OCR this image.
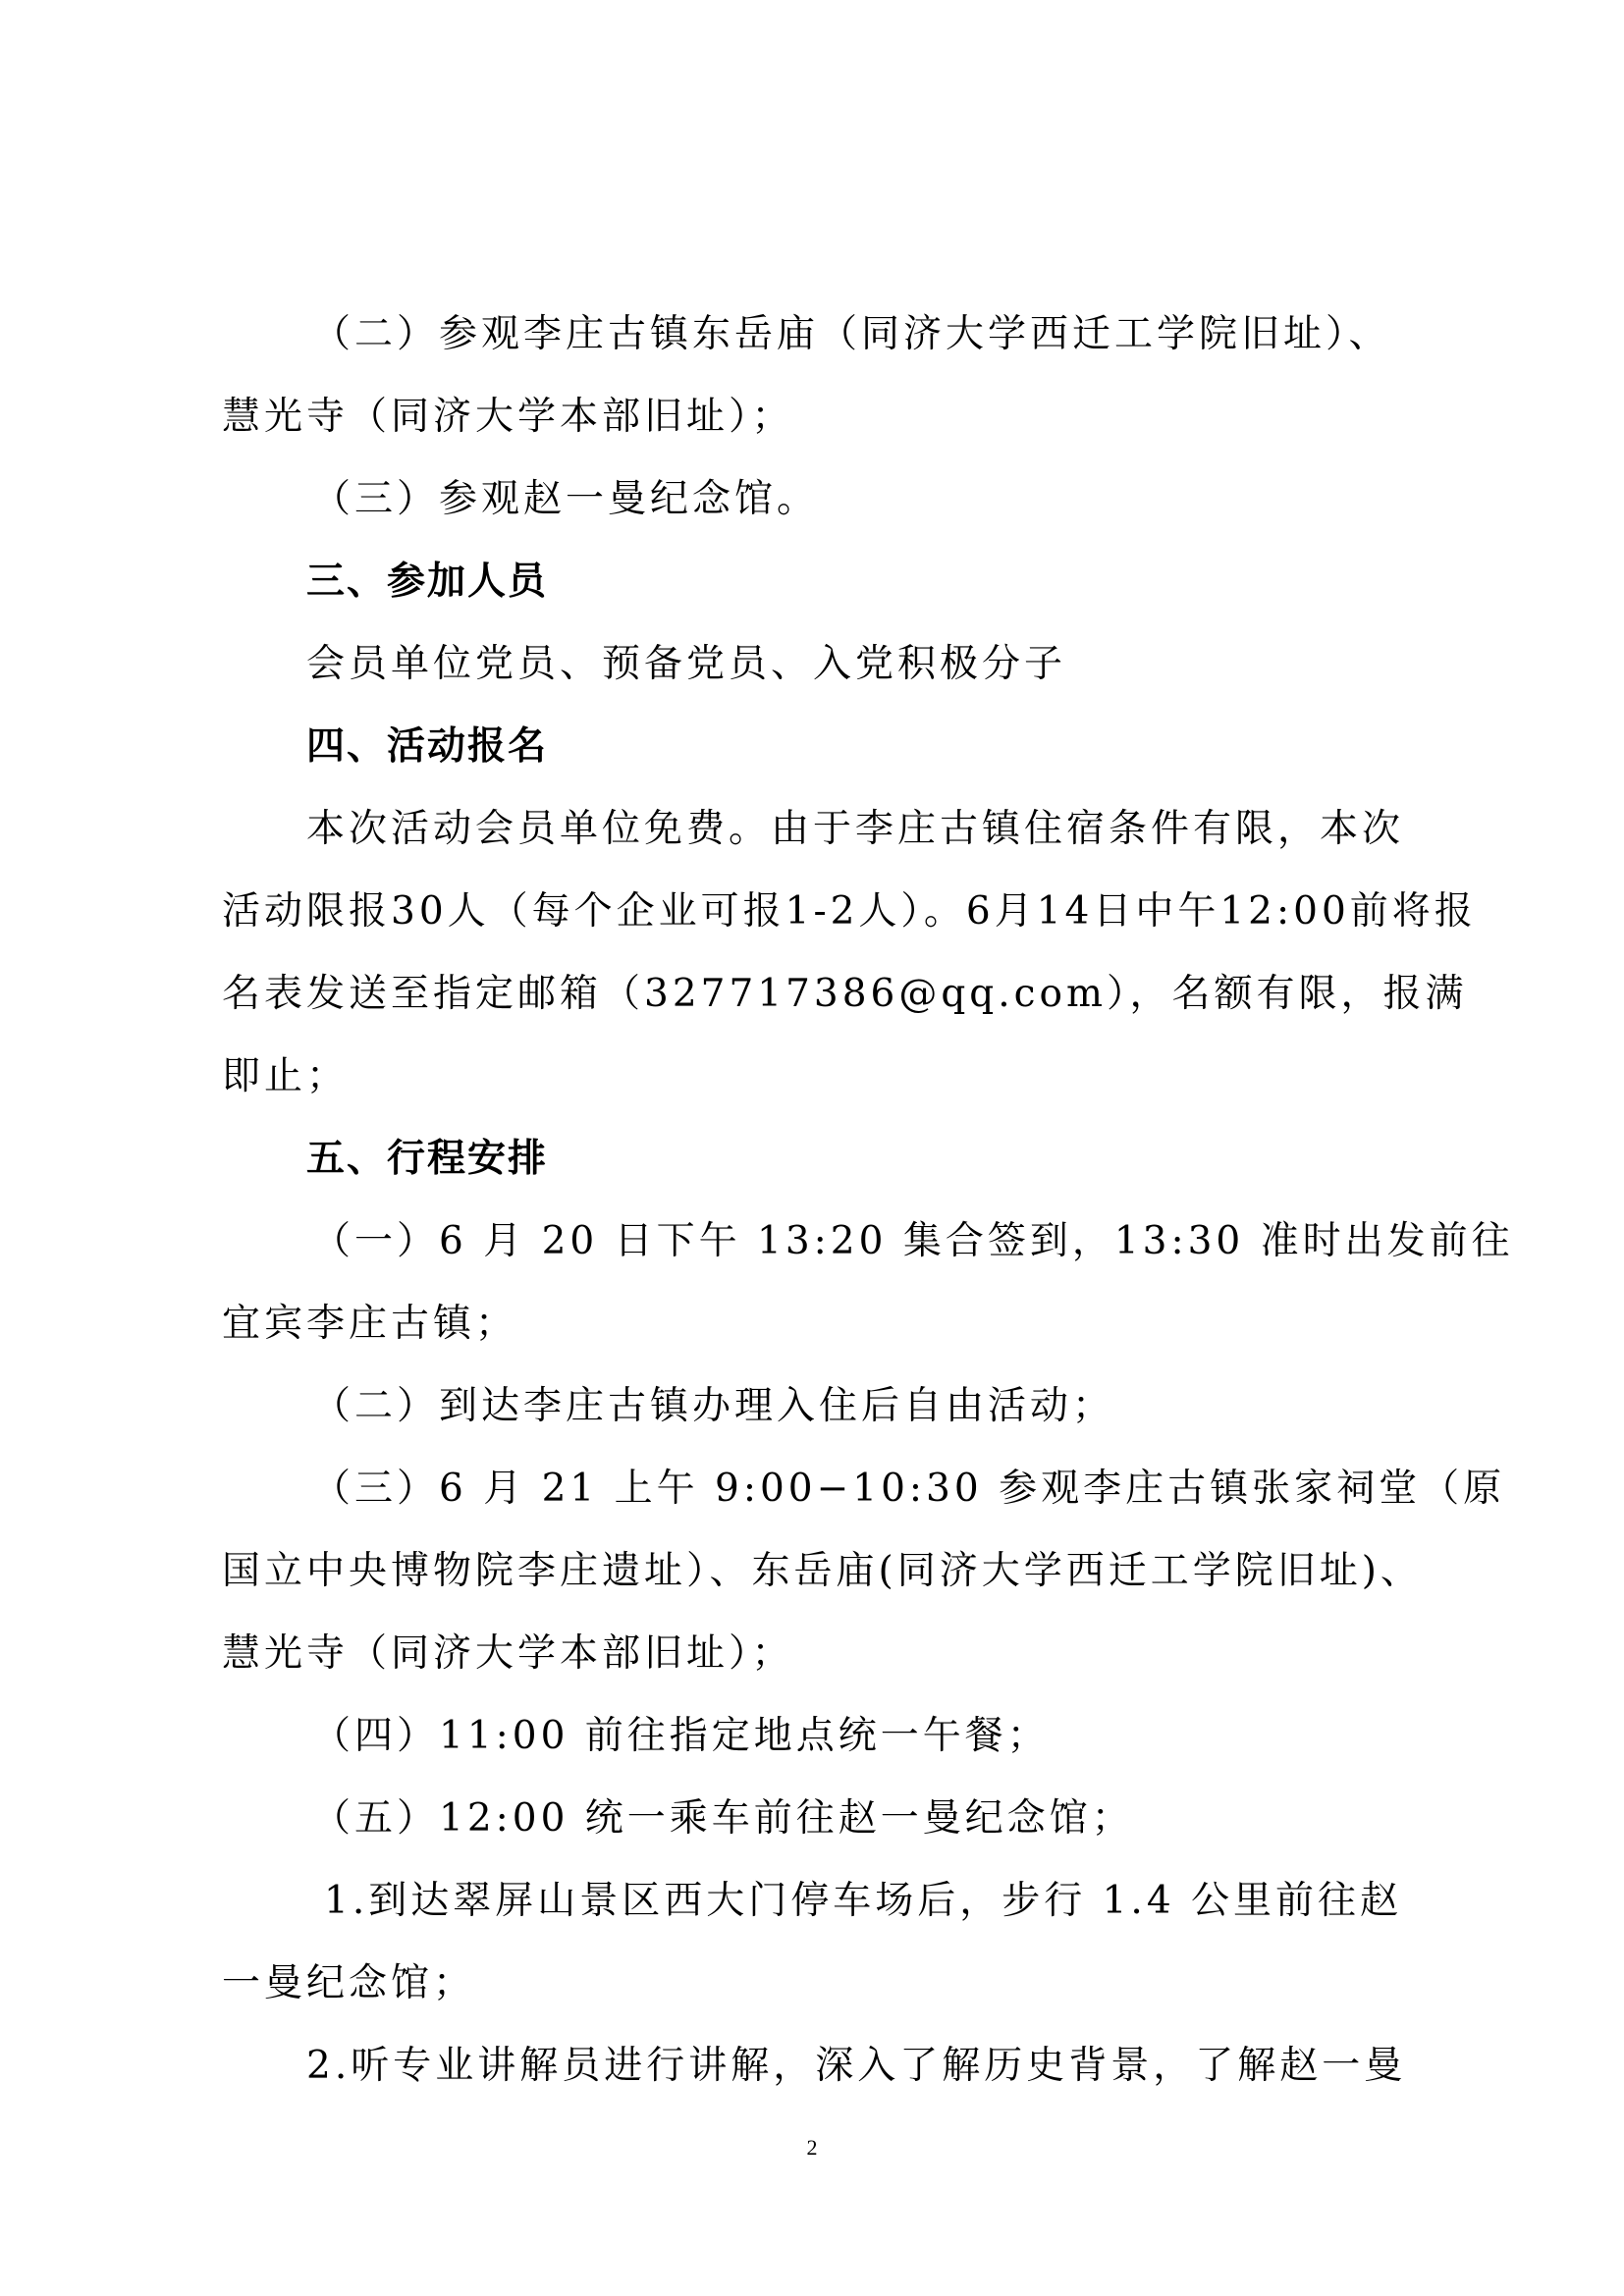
（二）参观李庄古镇东岳庙（同济大学西迁工学院旧址）、
慧光寺（同济大学本部旧址）；
（三）参观赵一曼纪念馆。
三、参加人员
会员单位党员、预备党员、入党积极分子
四、活动报名
本次活动会员单位免费。由于李庄古镇住宿条件有限，本次
活动限报30人（每个企业可报1-2人）。6月14日中午12:00前将报
名表发送至指定邮箱（327717386@qq.com），名额有限，报满
即止；
五、行程安排
（一）6 月 20 日下午 13:20 集合签到，13:30 准时出发前往
宜宾李庄古镇；
（二）到达李庄古镇办理入住后自由活动；
（三）6 月 21 上午 9:00−10:30 参观李庄古镇张家祠堂（原
国立中央博物院李庄遗址）、东岳庙(同济大学西迁工学院旧址)、
慧光寺（同济大学本部旧址）；
（四）11:00 前往指定地点统一午餐；
（五）12:00 统一乘车前往赵一曼纪念馆；
1.到达翠屏山景区西大门停车场后，步行 1.4 公里前往赵
一曼纪念馆；
2.听专业讲解员进行讲解，深入了解历史背景，了解赵一曼
2
